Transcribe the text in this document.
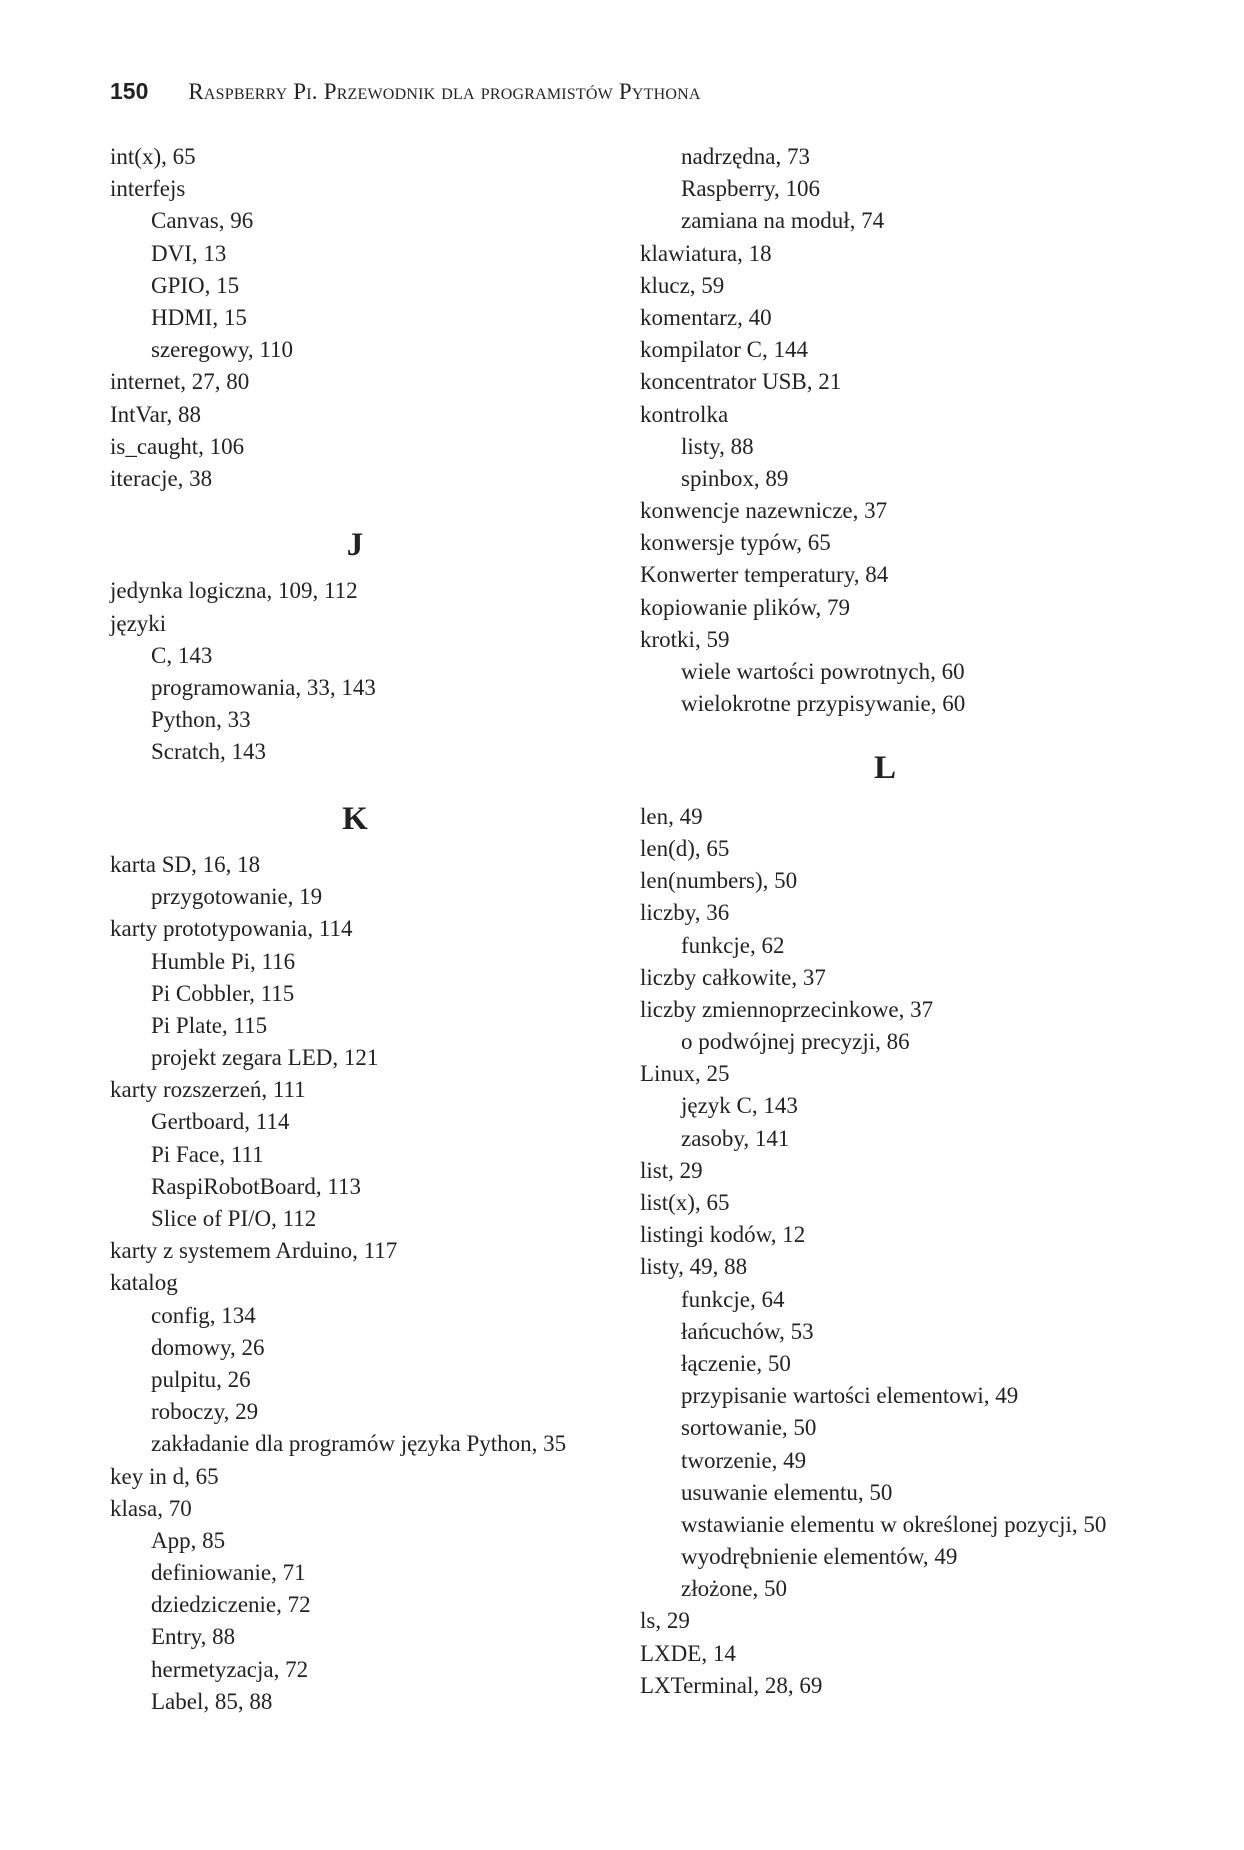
150 Raspberry Pi. Przewodnik dla programistów Pythona
int(x), 65
interfejs
Canvas, 96
DVI, 13
GPIO, 15
HDMI, 15
szeregowy, 110
internet, 27, 80
IntVar, 88
is_caught, 106
iteracje, 38
J
jedynka logiczna, 109, 112
języki
C, 143
programowania, 33, 143
Python, 33
Scratch, 143
K
karta SD, 16, 18
przygotowanie, 19
karty prototypowania, 114
Humble Pi, 116
Pi Cobbler, 115
Pi Plate, 115
projekt zegara LED, 121
karty rozszerzeń, 111
Gertboard, 114
Pi Face, 111
RaspiRobotBoard, 113
Slice of PI/O, 112
karty z systemem Arduino, 117
katalog
config, 134
domowy, 26
pulpitu, 26
roboczy, 29
zakładanie dla programów języka Python, 35
key in d, 65
klasa, 70
App, 85
definiowanie, 71
dziedziczenie, 72
Entry, 88
hermetyzacja, 72
Label, 85, 88
nadrzędna, 73
Raspberry, 106
zamiana na moduł, 74
klawiatura, 18
klucz, 59
komentarz, 40
kompilator C, 144
koncentrator USB, 21
kontrolka
listy, 88
spinbox, 89
konwencje nazewnicze, 37
konwersje typów, 65
Konwerter temperatury, 84
kopiowanie plików, 79
krotki, 59
wiele wartości powrotnych, 60
wielokrotne przypisywanie, 60
L
len, 49
len(d), 65
len(numbers), 50
liczby, 36
funkcje, 62
liczby całkowite, 37
liczby zmiennoprzecinkowe, 37
o podwójnej precyzji, 86
Linux, 25
język C, 143
zasoby, 141
list, 29
list(x), 65
listingi kodów, 12
listy, 49, 88
funkcje, 64
łańcuchów, 53
łączenie, 50
przypisanie wartości elementowi, 49
sortowanie, 50
tworzenie, 49
usuwanie elementu, 50
wstawianie elementu w określonej pozycji, 50
wyodrębnienie elementów, 49
złożone, 50
ls, 29
LXDE, 14
LXTerminal, 28, 69
